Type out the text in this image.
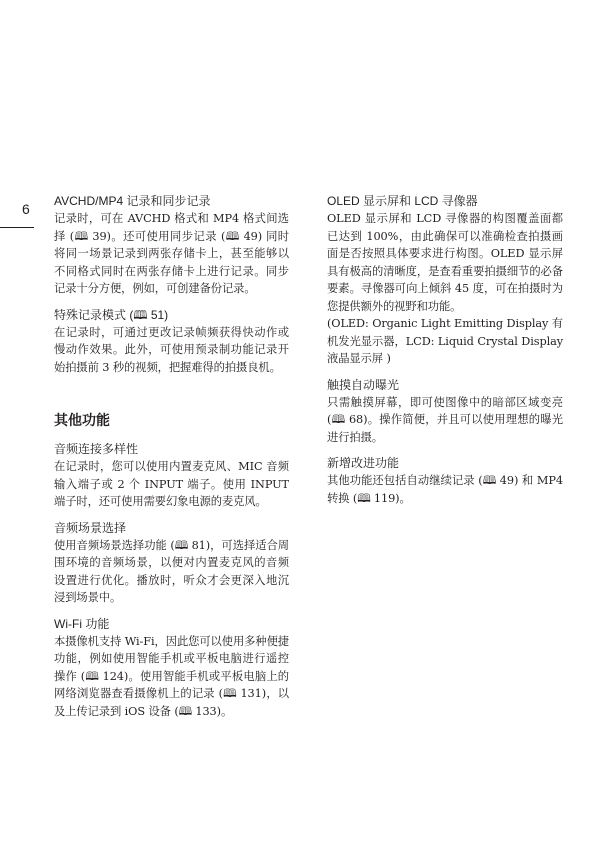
6 AVCHD/MP4 记录和同步记录

记录时，可在 AVCHD 格式和 MP4 格式间选择 (🕮 39)。还可使用同步记录 (🕮 49) 同时将同一场景记录到两张存储卡上，甚至能够以不同格式同时在两张存储卡上进行记录。同步记录十分方便，例如，可创建备份记录。

特殊记录模式 (🕮 51)

在记录时，可通过更改记录帧频获得快动作或慢动作效果。此外，可使用预录制功能记录开始拍摄前 3 秒的视频，把握难得的拍摄良机。

其他功能
音频连接多样性

在记录时，您可以使用内置麦克风、MIC 音频输入端子或 2 个 INPUT 端子。使用 INPUT 端子时，还可使用需要幻象电源的麦克风。

音频场景选择

使用音频场景选择功能 (🕮 81)，可选择适合周围环境的音频场景，以便对内置麦克风的音频设置进行优化。播放时，听众才会更深入地沉浸到场景中。

Wi-Fi 功能

本摄像机支持 Wi-Fi，因此您可以使用多种便捷功能，例如使用智能手机或平板电脑进行遥控操作 (🕮 124)。使用智能手机或平板电脑上的网络浏览器查看摄像机上的记录 (🕮 131)，以及上传记录到 iOS 设备 (🕮 133)。

OLED 显示屏和 LCD 寻像器

OLED 显示屏和 LCD 寻像器的构图覆盖面都已达到 100%，由此确保可以准确检查拍摄画面是否按照具体要求进行构图。OLED 显示屏具有极高的清晰度，是查看重要拍摄细节的必备要素。寻像器可向上倾斜 45 度，可在拍摄时为您提供额外的视野和功能。

(OLED: Organic Light Emitting Display 有机发光显示器，LCD: Liquid Crystal Display 液晶显示屏 )

触摸自动曝光

只需触摸屏幕，即可使图像中的暗部区域变亮 (🕮 68)。操作简便，并且可以使用理想的曝光进行拍摄。

新增改进功能

其他功能还包括自动继续记录 (🕮 49) 和 MP4 转换 (🕮 119)。
